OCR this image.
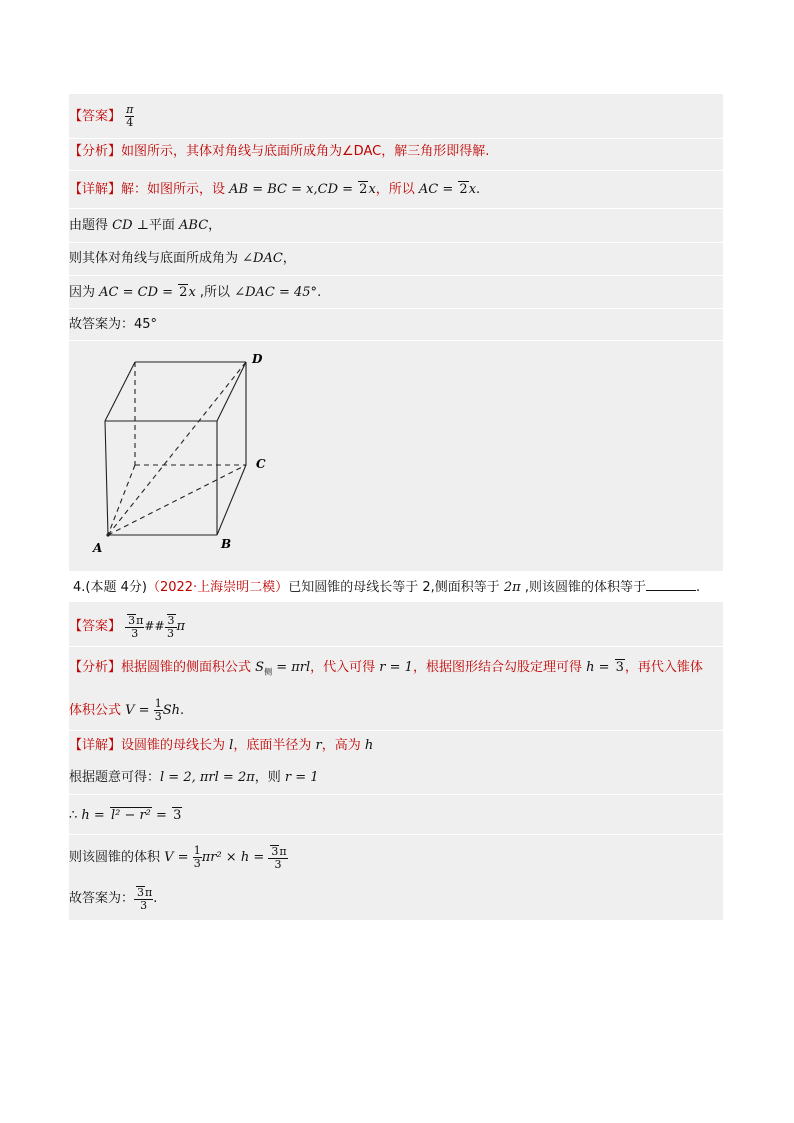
【答案】 $\frac{\pi}{4}$
【分析】如图所示，其体对角线与底面所成角为∠DAC，解三角形即得解.
【详解】解：如图所示，设 AB = BC = x,CD = 2x，所以 AC = 2x.
由题得 CD ⊥平面 ABC，
则其体对角线与底面所成角为 ∠DAC，
因为 AC = CD = 2x ,所以 ∠DAC = 45°.
故答案为：45°
D
C
A	B
4.(本题 4分)（2022·上海崇明二模）已知圆锥的母线长等于 2,侧面积等于 2π ,则该圆锥的体积等于	.
【答案】 $\frac{3\pi}{3}$ ## $\frac{3}{3}$ π
【分析】根据圆锥的侧面积公式 $S_侧 = \pi rl$，代入可得 r = 1，根据图形结合勾股定理可得 h = 3，再代入锥体
体积公式 $V = \frac{1}{3} Sh$.
【详解】设圆锥的母线长为 l，底面半径为 r，高为 h
根据题意可得：l = 2, πrl = 2π，则 r = 1
∴ h = l² − r² = 3
则该圆锥的体积 $V = \frac{1}{3} \pi r^2 \times h = \frac{3\pi}{3}$
故答案为： $\frac{3\pi}{3}$ .
